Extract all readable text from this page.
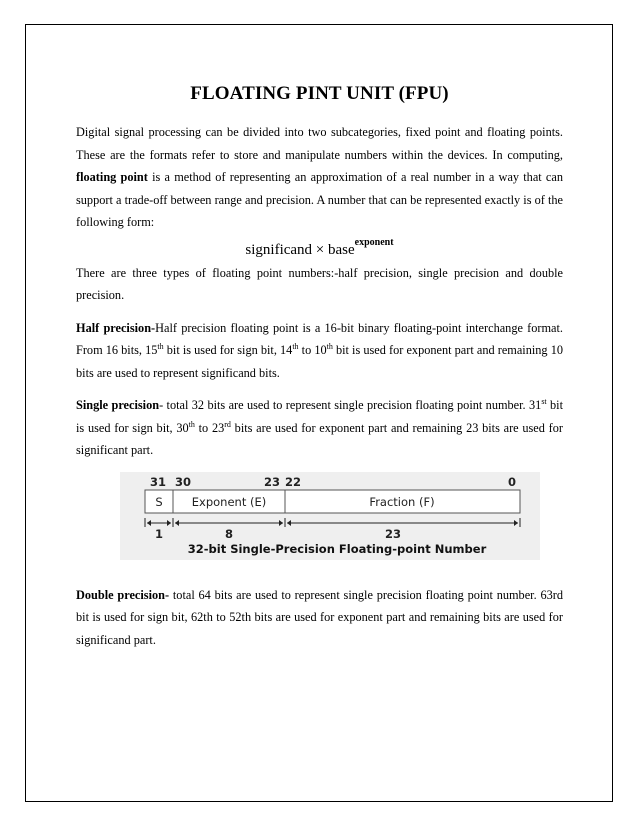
FLOATING PINT UNIT (FPU)

Digital signal processing can be divided into two subcategories, fixed point and floating points. These are the formats refer to store and manipulate numbers within the devices. In computing, floating point is a method of representing an approximation of a real number in a way that can support a trade-off between range and precision. A number that can be represented exactly is of the following form:

significand × base$^{exponent}$

There are three types of floating point numbers:-half precision, single precision and double precision.

Half precision-Half precision floating point is a 16-bit binary floating-point interchange format. From 16 bits, 15th bit is used for sign bit, 14th to 10th bit is used for exponent part and remaining 10 bits are used to represent significand bits.

Single precision- total 32 bits are used to represent single precision floating point number. 31st bit is used for sign bit, 30th to 23rd bits are used for exponent part and remaining 23 bits are used for significant part.

31 30	23 22	0
S	Exponent (E)	Fraction (F)
1	8	23
32-bit Single-Precision Floating-point Number

Double precision- total 64 bits are used to represent single precision floating point number. 63rd bit is used for sign bit, 62th to 52th bits are used for exponent part and remaining bits are used for significand part.
